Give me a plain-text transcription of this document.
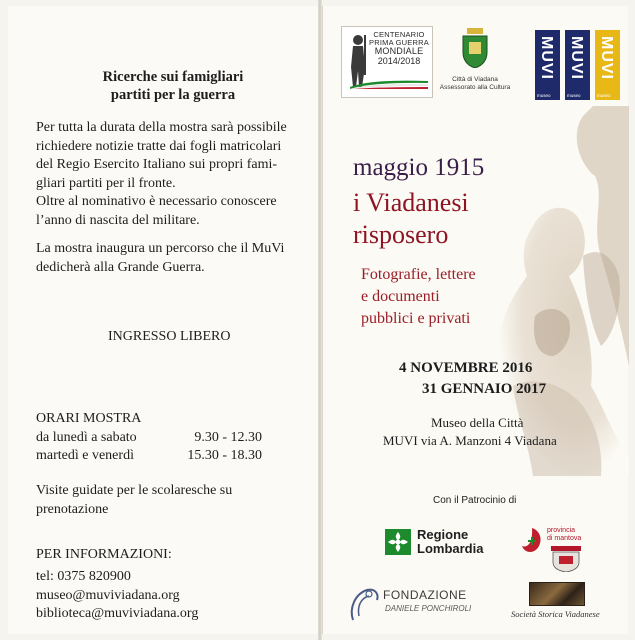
Ricerche sui famigliari
partiti per la guerra
Per tutta la durata della mostra sarà possibile
richiedere notizie tratte dai fogli matricolari
del Regio Esercito Italiano sui propri fami-
gliari partiti per il fronte.
Oltre al nominativo è necessario conoscere
l’anno di nascita del militare.
La mostra inaugura un percorso che il MuVi
dedicherà alla Grande Guerra.
INGRESSO LIBERO
ORARI MOSTRA
da lunedì a sabato	9.30 - 12.30
martedì e venerdì	15.30 - 18.30
Visite guidate per le scolaresche su
prenotazione
PER INFORMAZIONI:
tel: 0375 820900
museo@muviviadana.org
biblioteca@muviviadana.org
CENTENARIO
PRIMA GUERRA
MONDIALE
2014/2018
Città di Viadana
Assessorato alla Cultura
MUVI
museo
MUVI
museo
MUVI
museo
maggio 1915
i Viadanesi
risposero
Fotografie, lettere
e documenti
pubblici e privati
4 NOVEMBRE 2016
31 GENNAIO 2017
Museo della Città
MUVI via A. Manzoni 4 Viadana
Con il Patrocinio di
Regione
Lombardia
provincia
di mantova
FONDAZIONE
DANIELE PONCHIROLI
Società Storica Viadanese
